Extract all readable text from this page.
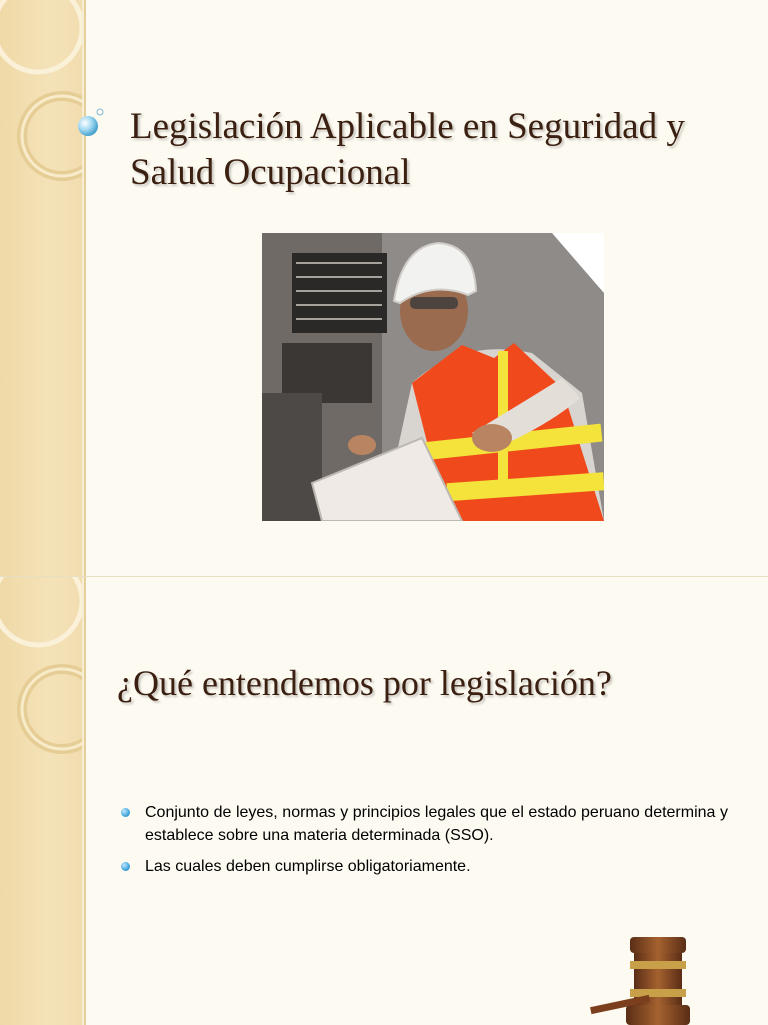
Legislación Aplicable en Seguridad y Salud Ocupacional
¿Qué entendemos por legislación?
Conjunto de leyes, normas y principios legales que el estado peruano determina y establece sobre una materia determinada (SSO).
Las cuales deben cumplirse obligatoriamente.
